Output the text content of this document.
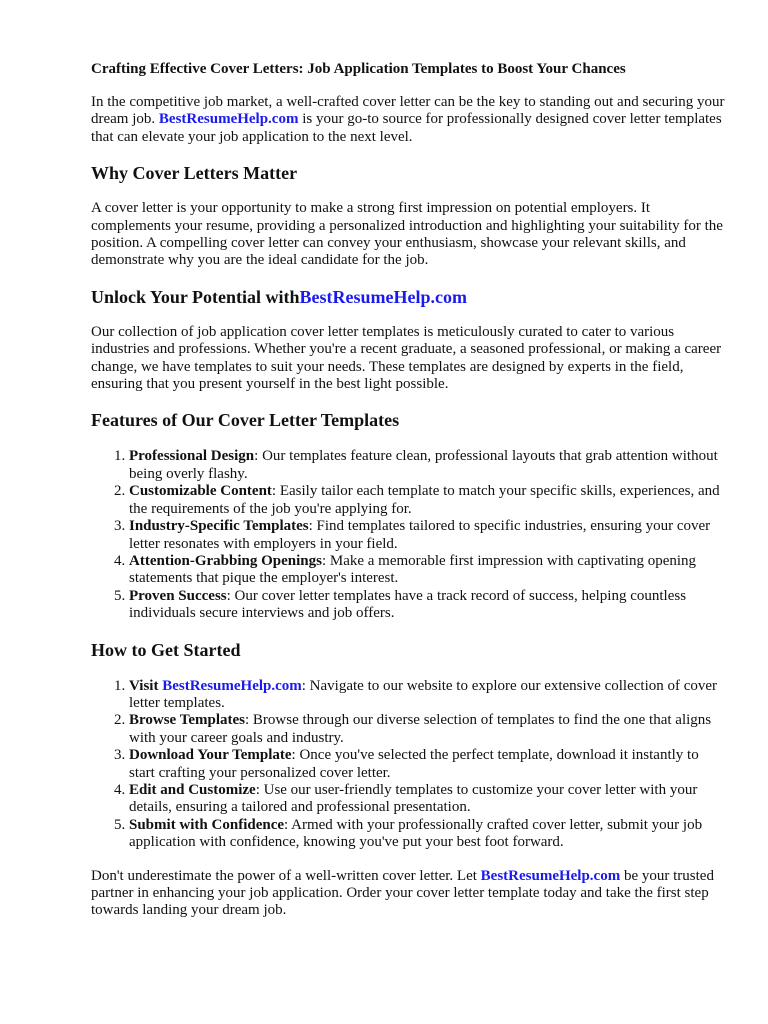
Crafting Effective Cover Letters: Job Application Templates to Boost Your Chances

In the competitive job market, a well-crafted cover letter can be the key to standing out and securing your dream job. BestResumeHelp.com is your go-to source for professionally designed cover letter templates that can elevate your job application to the next level.

Why Cover Letters Matter

A cover letter is your opportunity to make a strong first impression on potential employers. It complements your resume, providing a personalized introduction and highlighting your suitability for the position. A compelling cover letter can convey your enthusiasm, showcase your relevant skills, and demonstrate why you are the ideal candidate for the job.

Unlock Your Potential withBestResumeHelp.com

Our collection of job application cover letter templates is meticulously curated to cater to various industries and professions. Whether you're a recent graduate, a seasoned professional, or making a career change, we have templates to suit your needs. These templates are designed by experts in the field, ensuring that you present yourself in the best light possible.

Features of Our Cover Letter Templates
1. Professional Design: Our templates feature clean, professional layouts that grab attention without being overly flashy.
2. Customizable Content: Easily tailor each template to match your specific skills, experiences, and the requirements of the job you're applying for.
3. Industry-Specific Templates: Find templates tailored to specific industries, ensuring your cover letter resonates with employers in your field.
4. Attention-Grabbing Openings: Make a memorable first impression with captivating opening statements that pique the employer's interest.
5. Proven Success: Our cover letter templates have a track record of success, helping countless individuals secure interviews and job offers.
How to Get Started
1. Visit BestResumeHelp.com: Navigate to our website to explore our extensive collection of cover letter templates.
2. Browse Templates: Browse through our diverse selection of templates to find the one that aligns with your career goals and industry.
3. Download Your Template: Once you've selected the perfect template, download it instantly to start crafting your personalized cover letter.
4. Edit and Customize: Use our user-friendly templates to customize your cover letter with your details, ensuring a tailored and professional presentation.
5. Submit with Confidence: Armed with your professionally crafted cover letter, submit your job application with confidence, knowing you've put your best foot forward.

Don't underestimate the power of a well-written cover letter. Let BestResumeHelp.com be your trusted partner in enhancing your job application. Order your cover letter template today and take the first step towards landing your dream job.
